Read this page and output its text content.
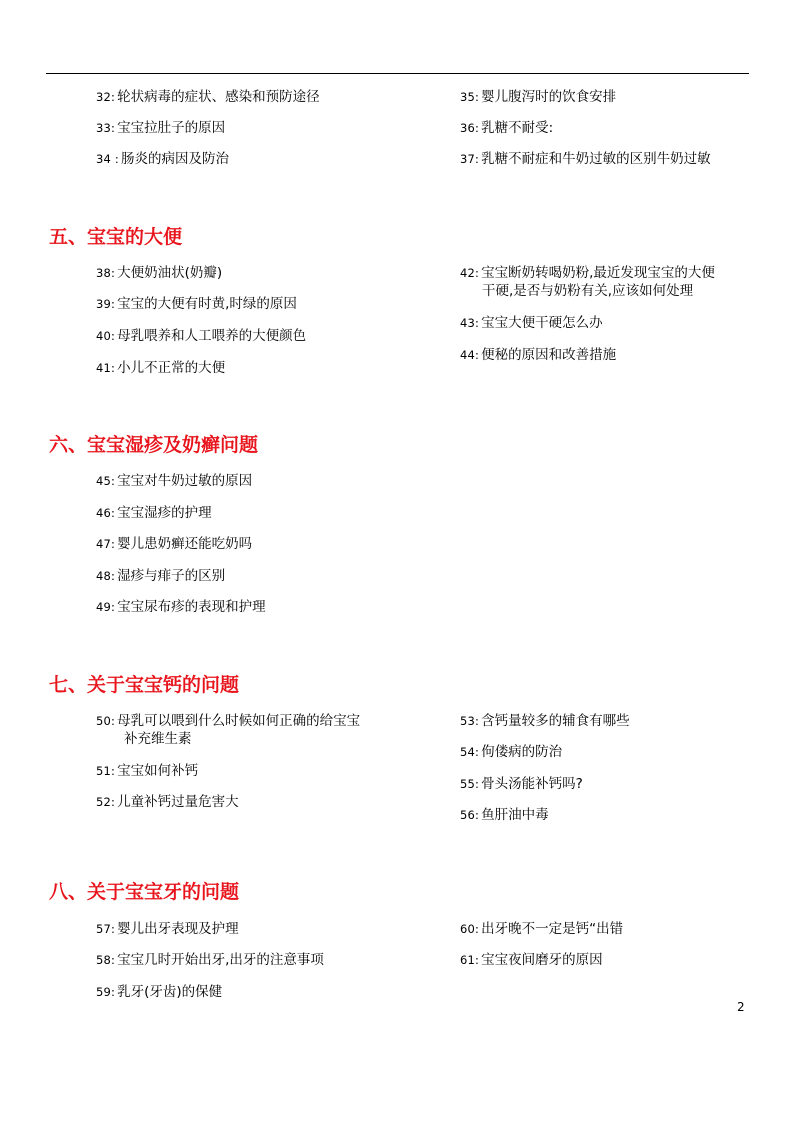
32: 轮状病毒的症状、感染和预防途径
33: 宝宝拉肚子的原因
34 : 肠炎的病因及防治
35: 婴儿腹泻时的饮食安排
36: 乳糖不耐受:
37: 乳糖不耐症和牛奶过敏的区别牛奶过敏
五、宝宝的大便
38: 大便奶油状(奶瓣)
39: 宝宝的大便有时黄,时绿的原因
40: 母乳喂养和人工喂养的大便颜色
41: 小儿不正常的大便
42: 宝宝断奶转喝奶粉,最近发现宝宝的大便
干硬,是否与奶粉有关,应该如何处理
43: 宝宝大便干硬怎么办
44: 便秘的原因和改善措施
六、宝宝湿疹及奶癣问题
45: 宝宝对牛奶过敏的原因
46: 宝宝湿疹的护理
47: 婴儿患奶癣还能吃奶吗
48: 湿疹与痱子的区别
49: 宝宝尿布疹的表现和护理
七、关于宝宝钙的问题
50: 母乳可以喂到什么时候如何正确的给宝宝
补充维生素
51: 宝宝如何补钙
52: 儿童补钙过量危害大
53: 含钙量较多的辅食有哪些
54: 佝偻病的防治
55: 骨头汤能补钙吗?
56: 鱼肝油中毒
八、关于宝宝牙的问题
57: 婴儿出牙表现及护理
58: 宝宝几时开始出牙,出牙的注意事项
59: 乳牙(牙齿)的保健
60: 出牙晚不一定是钙“出错
61: 宝宝夜间磨牙的原因
2
